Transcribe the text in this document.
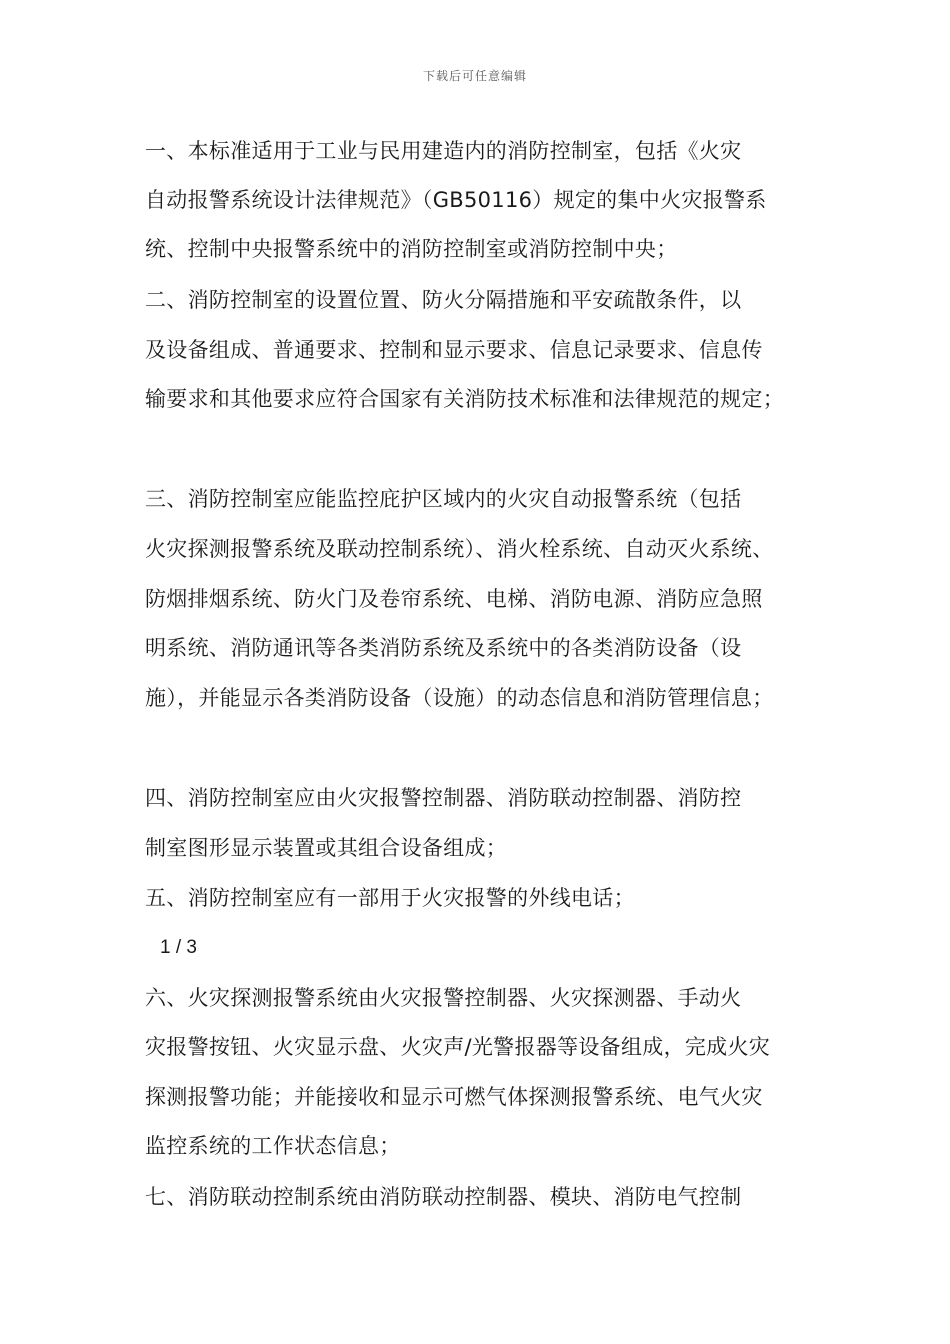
下载后可任意编辑
一、本标准适用于工业与民用建造内的消防控制室，包括《火灾
自动报警系统设计法律规范》（GB50116）规定的集中火灾报警系
统、控制中央报警系统中的消防控制室或消防控制中央；
二、消防控制室的设置位置、防火分隔措施和平安疏散条件，以
及设备组成、普通要求、控制和显示要求、信息记录要求、信息传
输要求和其他要求应符合国家有关消防技术标准和法律规范的规定；
三、消防控制室应能监控庇护区域内的火灾自动报警系统（包括
火灾探测报警系统及联动控制系统）、消火栓系统、自动灭火系统、
防烟排烟系统、防火门及卷帘系统、电梯、消防电源、消防应急照
明系统、消防通讯等各类消防系统及系统中的各类消防设备（设
施），并能显示各类消防设备（设施）的动态信息和消防管理信息；
四、消防控制室应由火灾报警控制器、消防联动控制器、消防控
制室图形显示装置或其组合设备组成；
五、消防控制室应有一部用于火灾报警的外线电话；
1 / 3
六、火灾探测报警系统由火灾报警控制器、火灾探测器、手动火
灾报警按钮、火灾显示盘、火灾声/光警报器等设备组成，完成火灾
探测报警功能；并能接收和显示可燃气体探测报警系统、电气火灾
监控系统的工作状态信息；
七、消防联动控制系统由消防联动控制器、模块、消防电气控制
